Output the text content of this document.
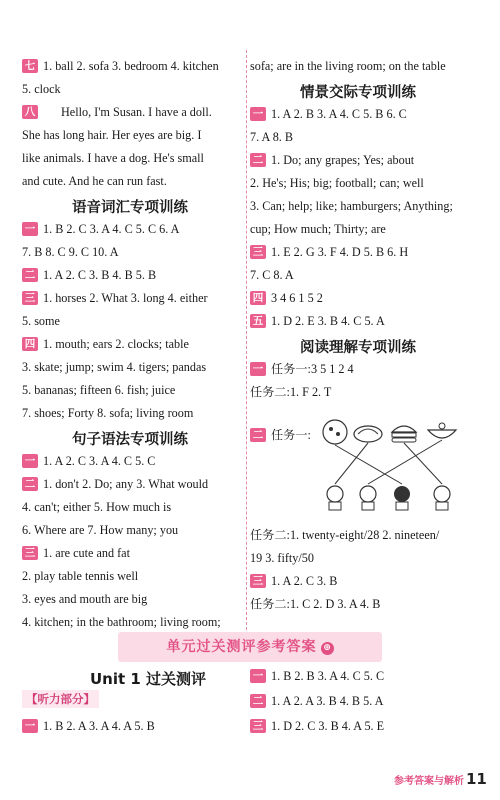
七 1. ball 2. sofa 3. bedroom 4. kitchen
5. clock
八 Hello, I'm Susan. I have a doll.
She has long hair. Her eyes are big. I
like animals. I have a dog. He's small
and cute. And he can run fast.
语音词汇专项训练
一 1. B 2. C 3. A 4. C 5. C 6. A
7. B 8. C 9. C 10. A
二 1. A 2. C 3. B 4. B 5. B
三 1. horses 2. What 3. long 4. either
5. some
四 1. mouth; ears 2. clocks; table
3. skate; jump; swim 4. tigers; pandas
5. bananas; fifteen 6. fish; juice
7. shoes; Forty 8. sofa; living room
句子语法专项训练
一 1. A 2. C 3. A 4. C 5. C
二 1. don't 2. Do; any 3. What would
4. can't; either 5. How much is
6. Where are 7. How many; you
三 1. are cute and fat
2. play table tennis well
3. eyes and mouth are big
4. kitchen; in the bathroom; living room;
sofa; are in the living room; on the table
情景交际专项训练
一 1. A 2. B 3. A 4. C 5. B 6. C
7. A 8. B
二 1. Do; any grapes; Yes; about
2. He's; His; big; football; can; well
3. Can; help; like; hamburgers; Anything;
cup; How much; Thirty; are
三 1. E 2. G 3. F 4. D 5. B 6. H
7. C 8. A
四 3 4 6 1 5 2
五 1. D 2. E 3. B 4. C 5. A
阅读理解专项训练
一 任务一:3 5 1 2 4
任务二:1. F 2. T
二 任务一:
任务二:1. twenty-eight/28 2. nineteen/
19 3. fifty/50
三 1. A 2. C 3. B
任务二:1. C 2. D 3. A 4. B
一 1. B 2. B 3. A 4. C 5. C
二 1. A 2. A 3. B 4. B 5. A
三 1. D 2. C 3. B 4. A 5. E
单元过关测评参考答案 ⊕
Unit 1 过关测评
【听力部分】
一 1. B 2. A 3. A 4. A 5. B
参考答案与解析 11
